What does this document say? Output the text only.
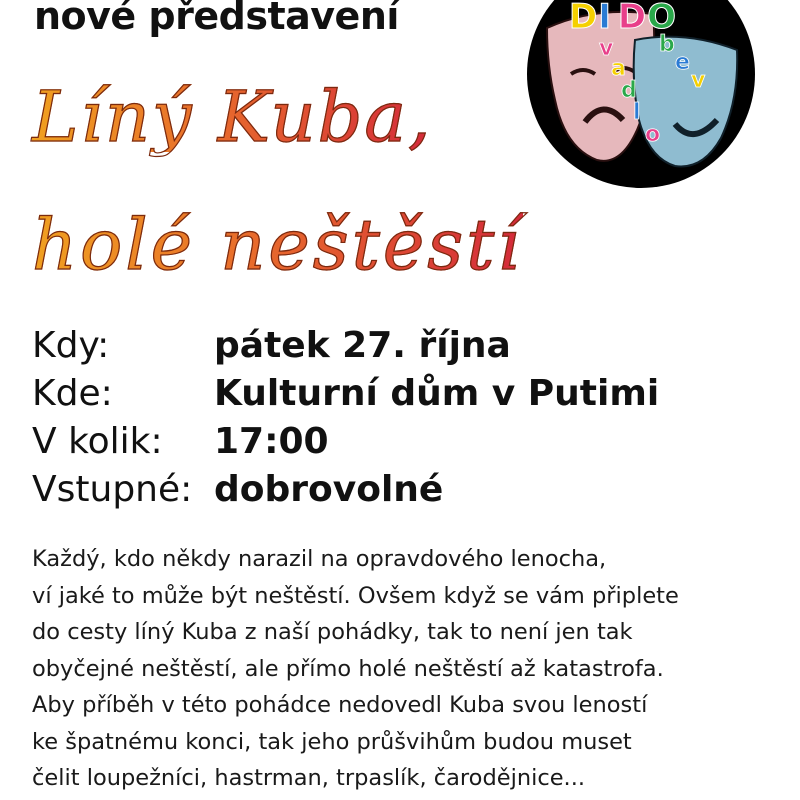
nové představení
Líný Kuba,
holé neštěstí
DI DO
v
a
d
l
o
b
e
v
Kdy:	pátek 27. října
Kde:	Kulturní dům v Putimi
V kolik:	17:00
Vstupné: dobrovolné
Každý, kdo někdy narazil na opravdového lenocha,
ví jaké to může být neštěstí. Ovšem když se vám připlete
do cesty líný Kuba z naší pohádky, tak to není jen tak
obyčejné neštěstí, ale přímo holé neštěstí až katastrofa.
Aby příběh v této pohádce nedovedl Kuba svou leností
ke špatnému konci, tak jeho průšvihům budou muset
čelit loupežníci, hastrman, trpaslík, čarodějnice...
